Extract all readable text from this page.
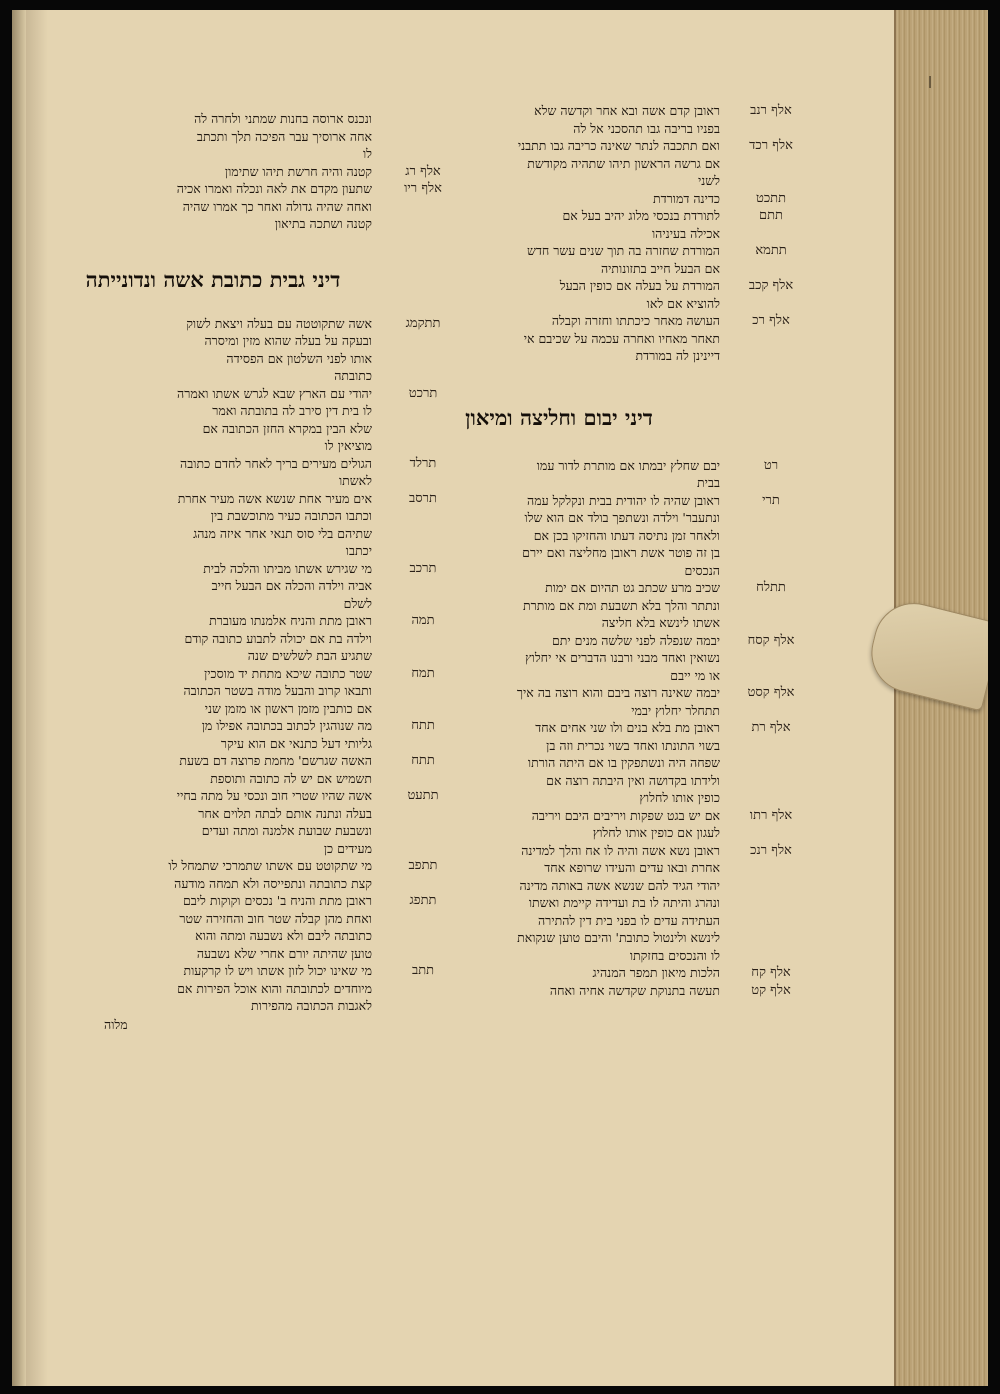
ונכנס ארוסה בחנות שמתני ולחרה לה
אחה ארוסיך עבר הפיכה תלך ותכתב
לו
קטנה והיה חרשת תיהו שתימון	אלף רג
שתעון מקדם את לאה ונכלה ואמרו אכיה	אלף ריו
ואחה שהיה גדולה ואחר כך אמרו שהיה
קטנה ושתכה בתיאון
דיני גבית כתובת אשה ונדונייתה
אשה שתקוטטה עם בעלה ויצאת לשוק	תתקמג
ובעקה על בעלה שהוא מזין ומיסרה
אותו לפני השלטון אם הפסידה
כתובתה
יהודי עם הארץ שבא לגרש אשתו ואמרה	תרכט
לו בית דין סירב לה בתובתה ואמר
שלא הבין במקרא החזן הכתובה אם
מוציאין לו
הגולים מעירים בריך לאחר לחדם כתובה	תרלד
לאשתו
אים מעיר אחת שנשא אשה מעיר אחרת	תרסב
וכתבו הכתובה כעיר מתוכשבת בין
שתיהם בלי סוס תנאי אחר איזה מנהג
יכתבו
מי שגירש אשתו מביתו והלכה לבית	תרכב
אביה וילדה והכלה אם הבעל חייב
לשלם
ראובן מתת והניח אלמנתו מעוברת	תמה
וילדה בת אם יכולה לתבוע כתובה קודם
שתגיע הבת לשלשים שנה
שטר כתובה שיכא מתחת יד מוסכין	תמח
ותבאו קרוב והבעל מודה בשטר הכתובה
אם כותבין מזמן ראשון או מזמן שני
מה שנוהגין לכתוב בכתובה אפילו מן	תתח
גליותי דעל כתנאי אם הוא עיקר
האשה שגרשם' מחמת פרוצה דם בשעת	תתח
תשמיש אם יש לה כתובה ותוספת
אשה שהיו שטרי חוב ונכסי על מתה בחיי	תתעט
בעלה ונתנה אותם לבתה תלוים אחר
ונשבעת שבועת אלמנה ומתה ועדים
מעידים כן
מי שתקוטט עם אשתו שתמרכי שתמחל לו	תתפב
קצת כתובתה ונתפייסה ולא תמחה מודעה
ראובן מתת והניח ב' נכסים וקוקות ליבם	תתפג
ואחת מהן קבלה שטר חוב והחזירה שטר
כתובתה ליבם ולא נשבעה ומתה והוא
טוען שהיתה יורם אחרי שלא נשבעה
מי שאינו יכול לזון אשתו ויש לו קרקעות	תתב
מיוחדים לכתובתה והוא אוכל הפירות אם
לאגבות הכתובה מהפירות
מלוה
ראובן קדם אשה ובא אחר וקדשה שלא	אלף רנב
בפניו בריבה גבו תהסכני אל לה
ואם תתכבה לנתר שאינה כריבה גבו תתבני	אלף רכד
אם גרשה הראשון תיהו שתהיה מקודשת
לשני
כדינה דמורדת	תתכט
לתורדת בנכסי מלוג יהיב בעל אם	תתם
אכילה בעיניהו
המורדת שחזרה בה תוך שנים עשר חדש	תתמא
אם הבעל חייב בתזונותיה
המורדת על בעלה אם כופין הבעל	אלף קכב
להוציא אם לאו
העושה מאחר כיכתתו וחזרה וקבלה	אלף רכ
תאחר מאחיו ואחרה עכמה על שכיבם אי
דיינינן לה במורדת
דיני יבום וחליצה ומיאון
יבם שחלץ יבמתו אם מותרת לדור עמו	רט
בבית
ראובן שהיה לו יהודית בבית ונקלקל עמה	תרי
ונתעבר' וילדה ונשתפך בולד אם הוא שלו
ולאחר זמן נתיסה דעתו והחזיקו בכן אם
בן זה פוטר אשת ראובן מחליצה ואם יירם
הנכסים
שכיב מרע שכתב גט תהיום אם ימות	תתלח
ונתתר והלך בלא תשבעת ומת אם מותרת
אשתו לינשא בלא חליצה
יבמה שנפלה לפני שלשה מנים יתם	אלף קסח
נשואין ואחד מבני ורבנו הדברים אי יחלוץ
או מי ייבם
יבמה שאינה רוצה ביבם והוא רוצה בה איך	אלף קסט
תתחלר יחלוץ יבמי
ראובן מת בלא בנים ולו שני אחים אחד	אלף רת
בשוי התונתו ואחד בשוי נכרית וזה בן
שפחה היה ונשתפקין בו אם היתה הורתו
ולידתו בקדושה ואין היבתה רוצה אם
כופין אותו לחלוץ
אם יש בגט שפקות ויריבים היבם ויריבה	אלף רתו
לעגון אם כופין אותו לחלוץ
ראובן נשא אשה והיה לו אח והלך למדינה	אלף רנכ
אחרת ובאו עדים והעידו שרופא אחד
יהודי הגיד להם שנשא אשה באותה מדינה
ונהרג והיתה לו בת ועדידה קיימת ואשתו
העתידה עדים לו בפני בית דין להתירה
לינשא ולינטול כתובת' והיבם טוען שנקואת
לו והנכסים בחזקתו
הלכות מיאון תמפר המנהיג	אלף קח
תעשה בתנוקת שקדשה אחיה ואחה	אלף קט
